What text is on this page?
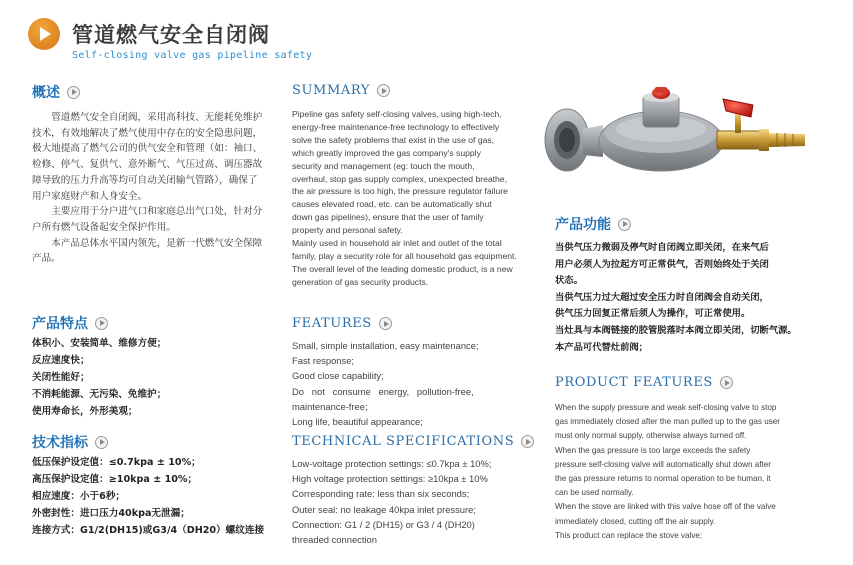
管道燃气安全自闭阀
Self-closing valve gas pipeline safety
概述

管道燃气安全自闭阀，采用高科技、无能耗免维护技术，有效地解决了燃气使用中存在的安全隐患问题，极大地提高了燃气公司的供气安全和管理（如：袖口、检修、停气、复供气、意外断气、气压过高、调压器故障导致的压力升高等均可自动关闭输气管路），确保了用户家庭财产和人身安全。

主要应用于分户进气口和家庭总出气口处，针对分户所有燃气设备起安全保护作用。

本产品总体水平国内领先，是新一代燃气安全保障产品。

产品特点
体积小、安装简单、维修方便；
反应速度快；
关闭性能好；
不消耗能源、无污染、免维护；
使用寿命长，外形美观；
技术指标
低压保护设定值：≤0.7kpa ± 10%；
高压保护设定值：≥10kpa ± 10%；
相应速度：小于6秒；
外密封性：进口压力40kpa无泄漏；
连接方式：G1/2(DH15)或G3/4（DH20）螺纹连接
SUMMARY
Pipeline gas safety self-closing valves, using high-tech,
energy-free maintenance-free technology to effectively
solve the safety problems that exist in the use of gas,
which greatly improved the gas company's supply
security and management (eg: touch the mouth,
overhaul, stop gas supply complex, unexpected breathe,
the air pressure is too high, the pressure regulator failure
causes elevated road, etc. can be automatically shut
down gas pipelines), ensure that the user of family
property and personal safety.
Mainly used in household air inlet and outlet of the total
family, play a security role for all household gas equipment.
The overall level of the leading domestic product, is a new
generation of gas security products.
FEATURES
Small, simple installation, easy maintenance;
Fast response;
Good close capability;
Do   not   consume   energy,   pollution-free,
maintenance-free;
Long life, beautiful appearance;
TECHNICAL SPECIFICATIONS
Low-voltage protection settings: ≤0.7kpa ± 10%;
High voltage protection settings: ≥10kpa ± 10%
Corresponding rate: less than six seconds;
Outer seal: no leakage 40kpa inlet pressure;
Connection: G1 / 2 (DH15) or G3 / 4 (DH20)
threaded connection
产品功能
当供气压力微弱及停气时自闭阀立即关闭，在来气后
用户必须人为拉起方可正常供气，否则始终处于关闭
状态。
当供气压力过大超过安全压力时自闭阀会自动关闭，
供气压力回复正常后须人为操作，可正常使用。
当灶具与本阀链接的胶管脱落时本阀立即关闭，切断气源。
本产品可代替灶前阀；
PRODUCT FEATURES
When the supply pressure and weak self-closing valve to stop
gas immediately closed after the man pulled up to the gas user
must only normal supply, otherwise always turned off.
When the gas pressure is too large exceeds the safety
pressure self-closing valve will automatically shut down after
the gas pressure returns to normal operation to be human, it
can be used normally.
When the stove are linked with this valve hose off of the valve
immediately closed, cutting off the air supply.
This product can replace the stove valve;
